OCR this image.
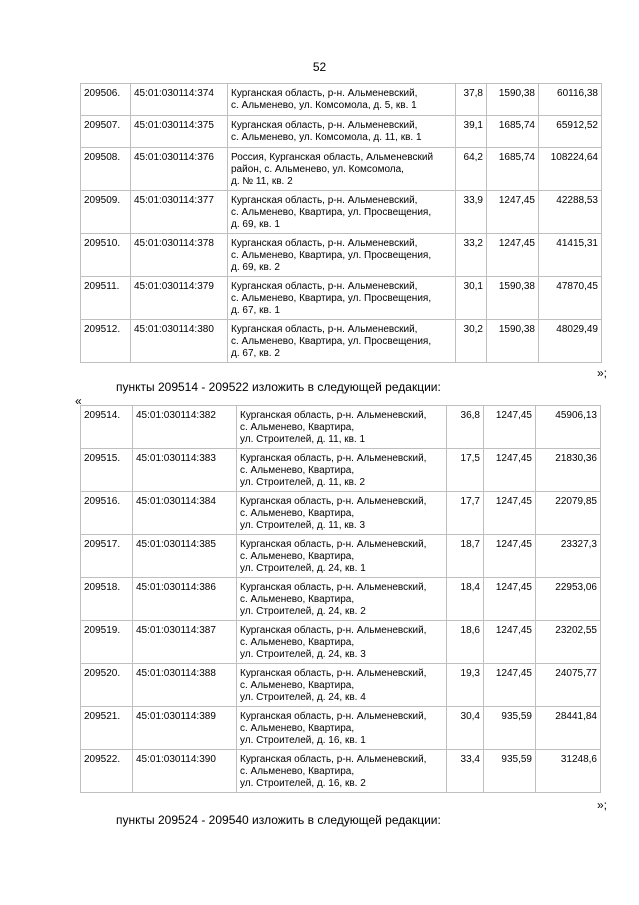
52
209506.	45:01:030114:374	Курганская область, р-н. Альменевский,
с. Альменево, ул. Комсомола, д. 5, кв. 1	37,8	1590,38	60116,38
209507.	45:01:030114:375	Курганская область, р-н. Альменевский,
с. Альменево, ул. Комсомола, д. 11, кв. 1	39,1	1685,74	65912,52
209508.	45:01:030114:376	Россия, Курганская область, Альменевский
район, с. Альменево, ул. Комсомола,
д. № 11, кв. 2	64,2	1685,74	108224,64
209509.	45:01:030114:377	Курганская область, р-н. Альменевский,
с. Альменево, Квартира, ул. Просвещения,
д. 69, кв. 1	33,9	1247,45	42288,53
209510.	45:01:030114:378	Курганская область, р-н. Альменевский,
с. Альменево, Квартира, ул. Просвещения,
д. 69, кв. 2	33,2	1247,45	41415,31
209511.	45:01:030114:379	Курганская область, р-н. Альменевский,
с. Альменево, Квартира, ул. Просвещения,
д. 67, кв. 1	30,1	1590,38	47870,45
209512.	45:01:030114:380	Курганская область, р-н. Альменевский,
с. Альменево, Квартира, ул. Просвещения,
д. 67, кв. 2	30,2	1590,38	48029,49
»;
пункты 209514 - 209522 изложить в следующей редакции:
«
209514.	45:01:030114:382	Курганская область, р-н. Альменевский,
с. Альменево, Квартира,
ул. Строителей, д. 11, кв. 1	36,8	1247,45	45906,13
209515.	45:01:030114:383	Курганская область, р-н. Альменевский,
с. Альменево, Квартира,
ул. Строителей, д. 11, кв. 2	17,5	1247,45	21830,36
209516.	45:01:030114:384	Курганская область, р-н. Альменевский,
с. Альменево, Квартира,
ул. Строителей, д. 11, кв. 3	17,7	1247,45	22079,85
209517.	45:01:030114:385	Курганская область, р-н. Альменевский,
с. Альменево, Квартира,
ул. Строителей, д. 24, кв. 1	18,7	1247,45	23327,3
209518.	45:01:030114:386	Курганская область, р-н. Альменевский,
с. Альменево, Квартира,
ул. Строителей, д. 24, кв. 2	18,4	1247,45	22953,06
209519.	45:01:030114:387	Курганская область, р-н. Альменевский,
с. Альменево, Квартира,
ул. Строителей, д. 24, кв. 3	18,6	1247,45	23202,55
209520.	45:01:030114:388	Курганская область, р-н. Альменевский,
с. Альменево, Квартира,
ул. Строителей, д. 24, кв. 4	19,3	1247,45	24075,77
209521.	45:01:030114:389	Курганская область, р-н. Альменевский,
с. Альменево, Квартира,
ул. Строителей, д. 16, кв. 1	30,4	935,59	28441,84
209522.	45:01:030114:390	Курганская область, р-н. Альменевский,
с. Альменево, Квартира,
ул. Строителей, д. 16, кв. 2	33,4	935,59	31248,6
»;
пункты 209524 - 209540 изложить в следующей редакции:
